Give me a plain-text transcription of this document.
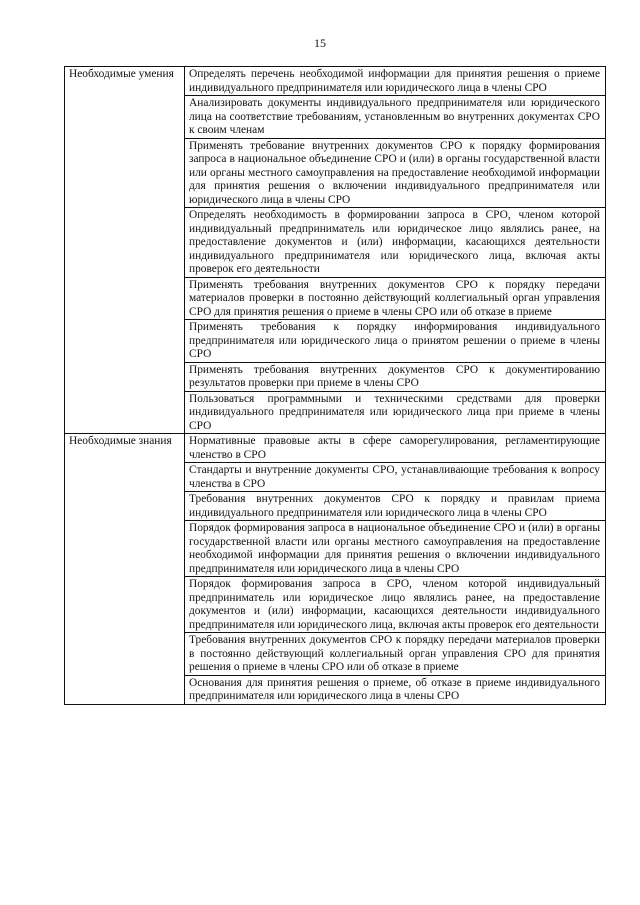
15
Необходимые умения	Определять перечень необходимой информации для принятия решения о приеме индивидуального предпринимателя или юридического лица в члены СРО
	Анализировать документы индивидуального предпринимателя или юридического лица на соответствие требованиям, установленным во внутренних документах СРО к своим членам
	Применять требование внутренних документов СРО к порядку формирования запроса в национальное объединение СРО и (или) в органы государственной власти или органы местного самоуправления на предоставление необходимой информации для принятия решения о включении индивидуального предпринимателя или юридического лица в члены СРО
	Определять необходимость в формировании запроса в СРО, членом которой индивидуальный предприниматель или юридическое лицо являлись ранее, на предоставление документов и (или) информации, касающихся деятельности индивидуального предпринимателя или юридического лица, включая акты проверок его деятельности
	Применять требования внутренних документов СРО к порядку передачи материалов проверки в постоянно действующий коллегиальный орган управления СРО для принятия решения о приеме в члены СРО или об отказе в приеме
	Применять требования к порядку информирования индивидуального предпринимателя или юридического лица о принятом решении о приеме в члены СРО
	Применять требования внутренних документов СРО к документированию результатов проверки при приеме в члены СРО
	Пользоваться программными и техническими средствами для проверки индивидуального предпринимателя или юридического лица при приеме в члены СРО
Необходимые знания	Нормативные правовые акты в сфере саморегулирования, регламентирующие членство в СРО
	Стандарты и внутренние документы СРО, устанавливающие требования к вопросу членства в СРО
	Требования внутренних документов СРО к порядку и правилам приема индивидуального предпринимателя или юридического лица в члены СРО
	Порядок формирования запроса в национальное объединение СРО и (или) в органы государственной власти или органы местного самоуправления на предоставление необходимой информации для принятия решения о включении индивидуального предпринимателя или юридического лица в члены СРО
	Порядок формирования запроса в СРО, членом которой индивидуальный предприниматель или юридическое лицо являлись ранее, на предоставление документов и (или) информации, касающихся деятельности индивидуального предпринимателя или юридического лица, включая акты проверок его деятельности
	Требования внутренних документов СРО к порядку передачи материалов проверки в постоянно действующий коллегиальный орган управления СРО для принятия решения о приеме в члены СРО или об отказе в приеме
	Основания для принятия решения о приеме, об отказе в приеме индивидуального предпринимателя или юридического лица в члены СРО
